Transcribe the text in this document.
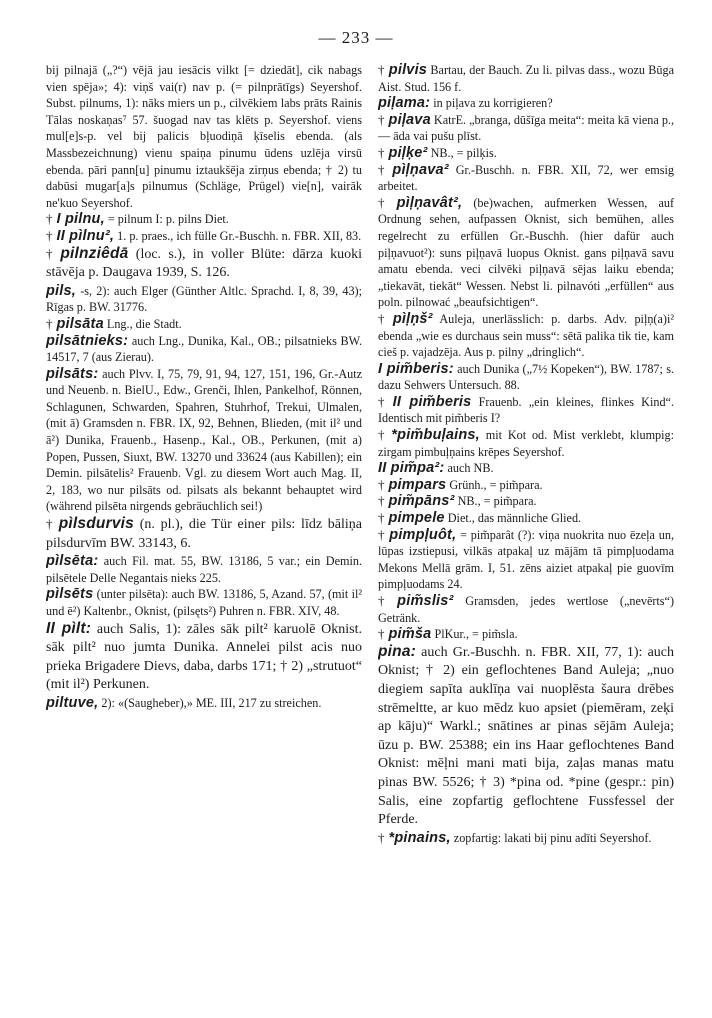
— 233 —

bij pilnajā („?“) vējā jau iesācis vilkt [= dziedāt], cik nabags vien spēja»; 4): viņš vai(r) nav p. (= pilnprātīgs) Seyershof. Subst. pilnums, 1): nāks miers un p., cilvēkiem labs prāts Rainis Tālas noskaņas⁷ 57. šuogad nav tas klēts p. Seyershof. viens mul[e]s-p. vel bij palicis bļuodiņā ķīselis ebenda. (als Massbezeichnung) vienu spaiņa pinumu ūdens uzlēja virsū ebenda. pāri pann[u] pinumu iztaukšēja zirņus ebenda; † 2) tu dabūsi mugar[a]s pilnumus (Schläge, Prügel) vie[n], vairāk ne'kuo Seyershof.

† I pilnu, = pilnum I: p. pilns Diet.

† II pìlnu², 1. p. praes., ich fülle Gr.-Buschh. n. FBR. XII, 83.

† pilnziêdā (loc. s.), in voller Blüte: dārza kuoki stāvēja p. Daugava 1939, S. 126.

pils, -s, 2): auch Elger (Günther Altlc. Sprachd. I, 8, 39, 43); Rīgas p. BW. 31776.

† pilsāta Lng., die Stadt.

pilsātnieks: auch Lng., Dunika, Kal., OB.; pilsatnieks BW. 14517, 7 (aus Zierau).

pilsāts: auch Plvv. I, 75, 79, 91, 94, 127, 151, 196, Gr.-Autz und Neuenb. n. BielU., Edw., Grenči, Ihlen, Pankelhof, Rönnen, Schlagunen, Schwarden, Spahren, Stuhrhof, Trekui, Ulmalen, (mit ā) Gramsden n. FBR. IX, 92, Behnen, Blieden, (mit il² und ā²) Dunika, Frauenb., Hasenp., Kal., OB., Perkunen, (mit a) Popen, Pussen, Siuxt, BW. 13270 und 33624 (aus Kabillen); ein Demin. pilsātelis² Frauenb. Vgl. zu diesem Wort auch Mag. II, 2, 183, wo nur pilsāts od. pilsats als bekannt behauptet wird (während pilsēta nirgends gebräuchlich sei!)

† pìlsdurvis (n. pl.), die Tür einer pils: līdz bāliņa pilsdurvīm BW. 33143, 6.

pìlsēta: auch Fil. mat. 55, BW. 13186, 5 var.; ein Demin. pilsētele Delle Negantais nieks 225.

pìlsēts (unter pilsēta): auch BW. 13186, 5, Azand. 57, (mit il² und ē²) Kaltenbr., Oknist, (pilsęts²) Puhren n. FBR. XIV, 48.

II pìlt: auch Salis, 1): zāles sāk pilt² karuolē Oknist. sāk pilt² nuo jumta Dunika. Annelei pilst acis nuo prieka Brigadere Dievs, daba, darbs 171; † 2) „strutuot“ (mit il²) Perkunen.

piltuve, 2): «(Saugheber),» ME. III, 217 zu streichen.

† pilvis Bartau, der Bauch. Zu li. pilvas dass., wozu Būga Aist. Stud. 156 f.

piļama: in piļava zu korrigieren?

† piļava KatrE. „branga, dūšīga meita“: meita kā viena p., — āda vai pušu plīst.

† piļķe² NB., = pilķis.

† pìļņava² Gr.-Buschh. n. FBR. XII, 72, wer emsig arbeitet.

† pìļņavât², (be)wachen, aufmerken Wessen, auf Ordnung sehen, aufpassen Oknist, sich bemühen, alles regelrecht zu erfüllen Gr.-Buschh. (hier dafür auch piļņavuot²): suns piļņavā luopus Oknist. gans piļņavā savu amatu ebenda. veci cilvēki piļņavā sējas laiku ebenda; „tiekavāt, tiekāt“ Wessen. Nebst li. pilnavóti „erfüllen“ aus poln. pilnować „beaufsichtigen“.

† pìļņš² Auleja, unerlässlich: p. darbs. Adv. piļņ(a)i² ebenda „wie es durchaus sein muss“: sētā palika tik tie, kam cieš p. vajadzēja. Aus p. pilny „dringlich“.

I pim̃beris: auch Dunika („7½ Kopeken“), BW. 1787; s. dazu Sehwers Untersuch. 88.

† II pim̃beris Frauenb. „ein kleines, flinkes Kind“. Identisch mit pim̃beris I?

† *pim̃buļains, mit Kot od. Mist verklebt, klumpig: zirgam pimbuļņains krēpes Seyershof.

II pim̃pa²: auch NB.

† pimpars Grünh., = pim̃para.

† pim̃pāns² NB., = pim̃para.

† pimpele Diet., das männliche Glied.

† pimpļuôt, = pim̃parât (?): viņa nuokrita nuo ēzeļa un, lūpas izstiepusi, vilkās atpakaļ uz mājām tā pimpļuodama Mekons Mellā grām. I, 51. zēns aiziet atpakaļ pie guovīm pimpļuodams 24.

† pim̃slis² Gramsden, jedes wertlose („nevērts“) Getränk.

† pim̃ša PlKur., = pim̃sla.

pina: auch Gr.-Buschh. n. FBR. XII, 77, 1): auch Oknist; † 2) ein geflochtenes Band Auleja; „nuo diegiem sapīta auklīņa vai nuoplēsta šaura drēbes strēmeltte, ar kuo mēdz kuo apsiet (piemēram, zeķi ap kāju)“ Warkl.; snātines ar pinas sējām Auleja; ūzu p. BW. 25388; ein ins Haar geflochtenes Band Oknist: mēļni mani mati bija, zaļas manas matu pinas BW. 5526; † 3) *pina od. *pine (gespr.: pin) Salis, eine zopfartig geflochtene Fussfessel der Pferde.

† *pinains, zopfartig: lakati bij pinu adīti Seyershof.
